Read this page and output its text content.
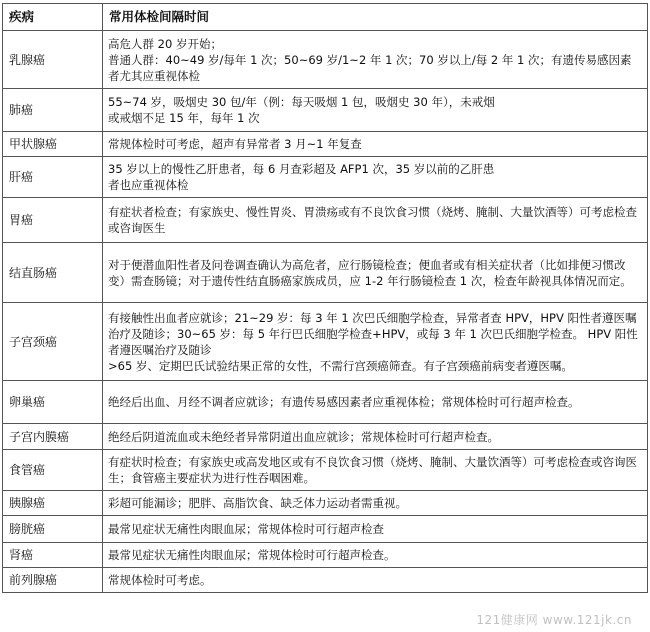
疾病	常用体检间隔时间
乳腺癌	高危人群 20 岁开始；
普通人群：40~49 岁/每年 1 次；50~69 岁/1~2 年 1 次；70 岁以上/每 2 年 1 次；有遗传易感因素者尤其应重视体检

肺癌	55~74 岁，吸烟史 30 包/年（例：每天吸烟 1 包，吸烟史 30 年），未戒烟
或戒烟不足 15 年，每年 1 次

甲状腺癌	常规体检时可考虑，超声有异常者 3 月~1 年复查

肝癌	35 岁以上的慢性乙肝患者，每 6 月查彩超及 AFP1 次，35 岁以前的乙肝患
者也应重视体检

胃癌	有症状者检查；有家族史、慢性胃炎、胃溃疡或有不良饮食习惯（烧烤、腌制、大量饮酒等）可考虑检查或咨询医生

结直肠癌	对于便潜血阳性者及问卷调查确认为高危者，应行肠镜检查；便血者或有相关症状者（比如排便习惯改变）需查肠镜；对于遗传性结直肠癌家族成员，应 1-2 年行肠镜检查 1 次，检查年龄视具体情况而定。

子宫颈癌	有接触性出血者应就诊；21~29 岁：每 3 年 1 次巴氏细胞学检查，异常者查 HPV，HPV 阳性者遵医嘱治疗及随诊；30~65 岁：每 5 年行巴氏细胞学检查+HPV，或每 3 年 1 次巴氏细胞学检查。 HPV 阳性者遵医嘱治疗及随诊
>65 岁、定期巴氏试验结果正常的女性，不需行宫颈癌筛查。有子宫颈癌前病变者遵医嘱。

卵巢癌	绝经后出血、月经不调者应就诊；有遗传易感因素者应重视体检；常规体检时可行超声检查。

子宫内膜癌	绝经后阴道流血或未绝经者异常阴道出血应就诊；常规体检时可行超声检查。

食管癌	有症状时检查；有家族史或高发地区或有不良饮食习惯（烧烤、腌制、大量饮酒等）可考虑检查或咨询医生；食管癌主要症状为进行性吞咽困难。

胰腺癌	彩超可能漏诊；肥胖、高脂饮食、缺乏体力运动者需重视。

膀胱癌	最常见症状无痛性肉眼血尿；常规体检时可行超声检查

肾癌	最常见症状无痛性肉眼血尿；常规体检时可行超声检查。

前列腺癌	常规体检时可考虑。
121健康网 www.121jk.cn
